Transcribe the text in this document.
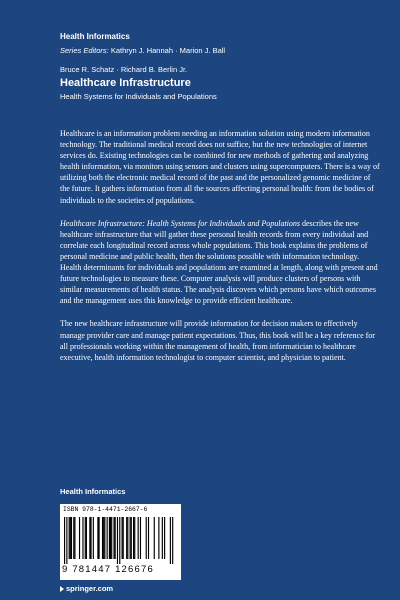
Health Informatics
Series Editors: Kathryn J. Hannah · Marion J. Ball
Bruce R. Schatz · Richard B. Berlin Jr.
Healthcare Infrastructure
Health Systems for Individuals and Populations

Healthcare is an information problem needing an information solution using modern information technology. The traditional medical record does not suffice, but the new technologies of internet services do. Existing technologies can be combined for new methods of gathering and analyzing health information, via monitors using sensors and clusters using supercomputers. There is a way of utilizing both the electronic medical record of the past and the personalized genomic medicine of the future. It gathers information from all the sources affecting personal health: from the bodies of individuals to the societies of populations.

Healthcare Infrastructure: Health Systems for Individuals and Populations describes the new healthcare infrastructure that will gather these personal health records from every individual and correlate each longitudinal record across whole populations. This book explains the problems of personal medicine and public health, then the solutions possible with information technology. Health determinants for individuals and populations are examined at length, along with present and future technologies to measure these. Computer analysis will produce clusters of persons with similar measurements of health status. The analysis discovers which persons have which outcomes and the management uses this knowledge to provide efficient healthcare.

The new healthcare infrastructure will provide information for decision makers to effectively manage provider care and manage patient expectations. Thus, this book will be a key reference for all professionals working within the management of health, from informatician to healthcare executive, health information technologist to computer scientist, and physician to patient.

Health Informatics
ISBN 978-1-4471-2667-6
9 781447 126676
springer.com
